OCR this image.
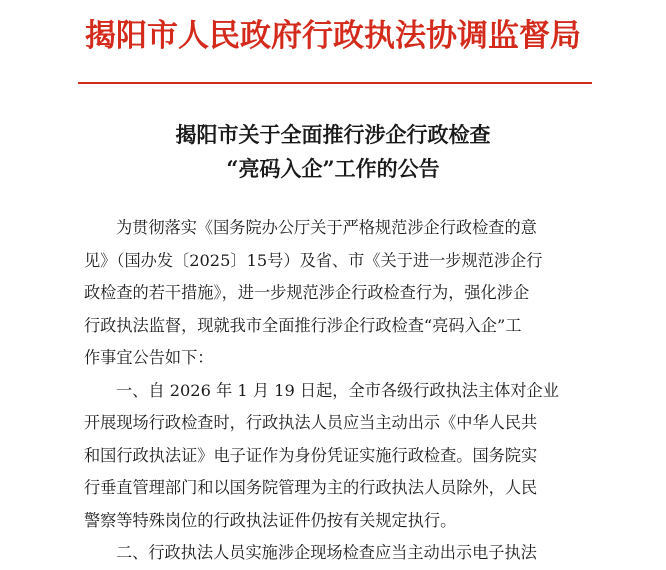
揭阳市人民政府行政执法协调监督局
揭阳市关于全面推行涉企行政检查
“亮码入企”工作的公告
为贯彻落实《国务院办公厅关于严格规范涉企行政检查的意
见》（国办发〔2025〕15号）及省、市《关于进一步规范涉企行
政检查的若干措施》，进一步规范涉企行政检查行为，强化涉企
行政执法监督，现就我市全面推行涉企行政检查“亮码入企”工
作事宜公告如下：
一、自 2026 年 1 月 19 日起，全市各级行政执法主体对企业
开展现场行政检查时，行政执法人员应当主动出示《中华人民共
和国行政执法证》电子证作为身份凭证实施行政检查。国务院实
行垂直管理部门和以国务院管理为主的行政执法人员除外，人民
警察等特殊岗位的行政执法证件仍按有关规定执行。
二、行政执法人员实施涉企现场检查应当主动出示电子执法
